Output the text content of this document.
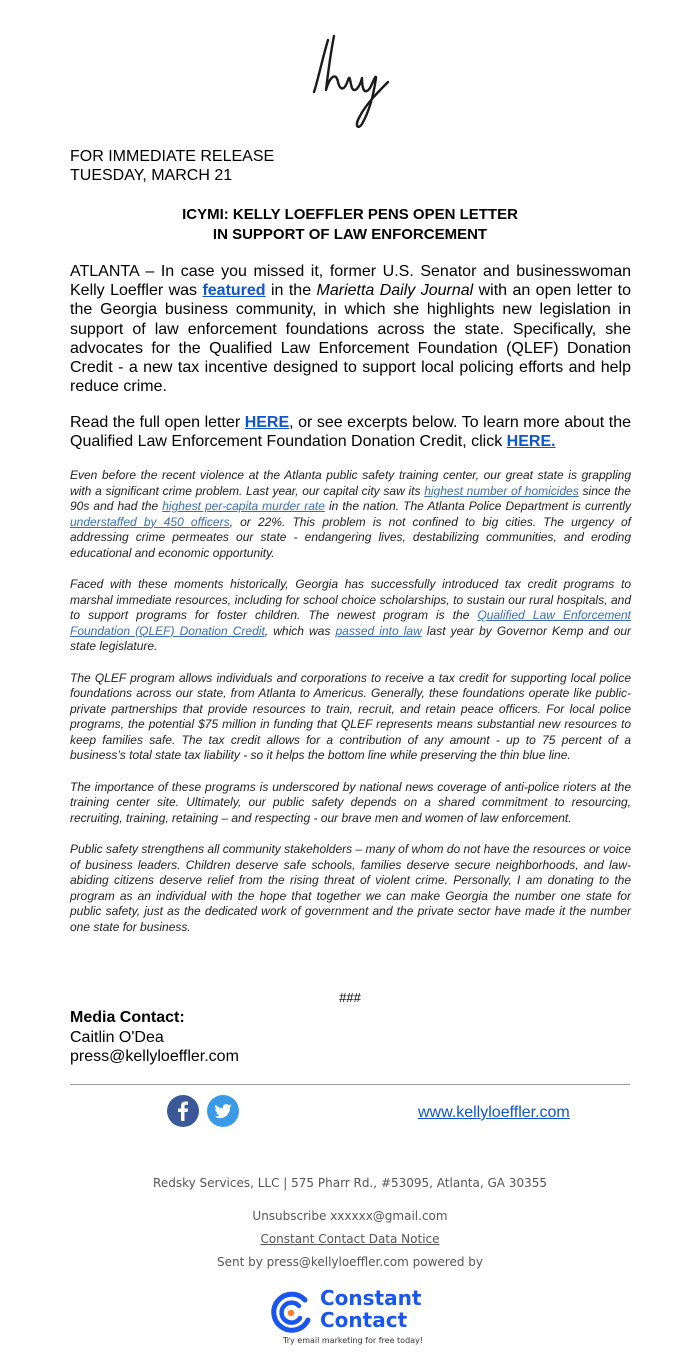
FOR IMMEDIATE RELEASE
TUESDAY, MARCH 21
ICYMI: KELLY LOEFFLER PENS OPEN LETTER
IN SUPPORT OF LAW ENFORCEMENT

ATLANTA – In case you missed it, former U.S. Senator and businesswoman Kelly Loeffler was featured in the Marietta Daily Journal with an open letter to the Georgia business community, in which she highlights new legislation in support of law enforcement foundations across the state. Specifically, she advocates for the Qualified Law Enforcement Foundation (QLEF) Donation Credit - a new tax incentive designed to support local policing efforts and help reduce crime.

Read the full open letter HERE, or see excerpts below. To learn more about the Qualified Law Enforcement Foundation Donation Credit, click HERE.

Even before the recent violence at the Atlanta public safety training center, our great state is grappling with a significant crime problem. Last year, our capital city saw its highest number of homicides since the 90s and had the highest per-capita murder rate in the nation. The Atlanta Police Department is currently understaffed by 450 officers, or 22%. This problem is not confined to big cities. The urgency of addressing crime permeates our state - endangering lives, destabilizing communities, and eroding educational and economic opportunity.

Faced with these moments historically, Georgia has successfully introduced tax credit programs to marshal immediate resources, including for school choice scholarships, to sustain our rural hospitals, and to support programs for foster children. The newest program is the Qualified Law Enforcement Foundation (QLEF) Donation Credit, which was passed into law last year by Governor Kemp and our state legislature.

The QLEF program allows individuals and corporations to receive a tax credit for supporting local police foundations across our state, from Atlanta to Americus. Generally, these foundations operate like public-private partnerships that provide resources to train, recruit, and retain peace officers. For local police programs, the potential $75 million in funding that QLEF represents means substantial new resources to keep families safe. The tax credit allows for a contribution of any amount - up to 75 percent of a business’s total state tax liability - so it helps the bottom line while preserving the thin blue line.

The importance of these programs is underscored by national news coverage of anti-police rioters at the training center site. Ultimately, our public safety depends on a shared commitment to resourcing, recruiting, training, retaining – and respecting - our brave men and women of law enforcement.

Public safety strengthens all community stakeholders – many of whom do not have the resources or voice of business leaders. Children deserve safe schools, families deserve secure neighborhoods, and law-abiding citizens deserve relief from the rising threat of violent crime. Personally, I am donating to the program as an individual with the hope that together we can make Georgia the number one state for public safety, just as the dedicated work of government and the private sector have made it the number one state for business.

###
Media Contact:
Caitlin O'Dea
press@kellyloeffler.com
www.kellyloeffler.com
Redsky Services, LLC | 575 Pharr Rd., #53095, Atlanta, GA 30355
Unsubscribe xxxxxx@gmail.com
Constant Contact Data Notice
Sent by press@kellyloeffler.com powered by
Constant
Contact
Try email marketing for free today!
